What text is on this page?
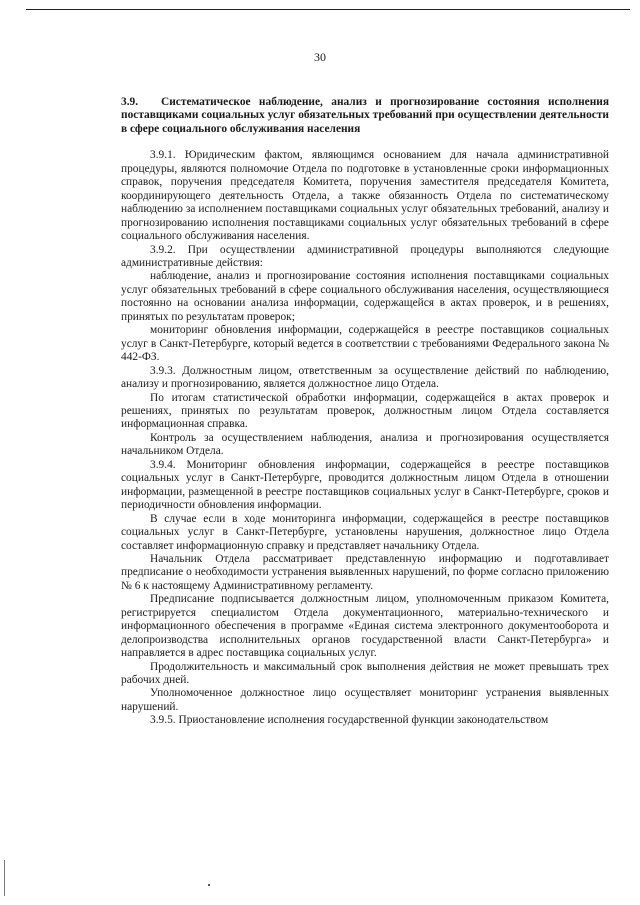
30
3.9. Систематическое наблюдение, анализ и прогнозирование состояния исполнения поставщиками социальных услуг обязательных требований при осуществлении деятельности в сфере социального обслуживания населения

3.9.1. Юридическим фактом, являющимся основанием для начала административной процедуры, являются полномочие Отдела по подготовке в установленные сроки информационных справок, поручения председателя Комитета, поручения заместителя председателя Комитета, координирующего деятельность Отдела, а также обязанность Отдела по систематическому наблюдению за исполнением поставщиками социальных услуг обязательных требований, анализу и прогнозированию исполнения поставщиками социальных услуг обязательных требований в сфере социального обслуживания населения.

3.9.2. При осуществлении административной процедуры выполняются следующие административные действия:

наблюдение, анализ и прогнозирование состояния исполнения поставщиками социальных услуг обязательных требований в сфере социального обслуживания населения, осуществляющиеся постоянно на основании анализа информации, содержащейся в актах проверок, и в решениях, принятых по результатам проверок;

мониторинг обновления информации, содержащейся в реестре поставщиков социальных услуг в Санкт-Петербурге, который ведется в соответствии с требованиями Федерального закона № 442-ФЗ.

3.9.3. Должностным лицом, ответственным за осуществление действий по наблюдению, анализу и прогнозированию, является должностное лицо Отдела.

По итогам статистической обработки информации, содержащейся в актах проверок и решениях, принятых по результатам проверок, должностным лицом Отдела составляется информационная справка.

Контроль за осуществлением наблюдения, анализа и прогнозирования осуществляется начальником Отдела.

3.9.4. Мониторинг обновления информации, содержащейся в реестре поставщиков социальных услуг в Санкт-Петербурге, проводится должностным лицом Отдела в отношении информации, размещенной в реестре поставщиков социальных услуг в Санкт-Петербурге, сроков и периодичности обновления информации.

В случае если в ходе мониторинга информации, содержащейся в реестре поставщиков социальных услуг в Санкт-Петербурге, установлены нарушения, должностное лицо Отдела составляет информационную справку и представляет начальнику Отдела.

Начальник Отдела рассматривает представленную информацию и подготавливает предписание о необходимости устранения выявленных нарушений, по форме согласно приложению № 6 к настоящему Административному регламенту.

Предписание подписывается должностным лицом, уполномоченным приказом Комитета, регистрируется специалистом Отдела документационного, материально-технического и информационного обеспечения в программе «Единая система электронного документооборота и делопроизводства исполнительных органов государственной власти Санкт-Петербурга» и направляется в адрес поставщика социальных услуг.

Продолжительность и максимальный срок выполнения действия не может превышать трех рабочих дней.

Уполномоченное должностное лицо осуществляет мониторинг устранения выявленных нарушений.

3.9.5. Приостановление исполнения государственной функции законодательством
